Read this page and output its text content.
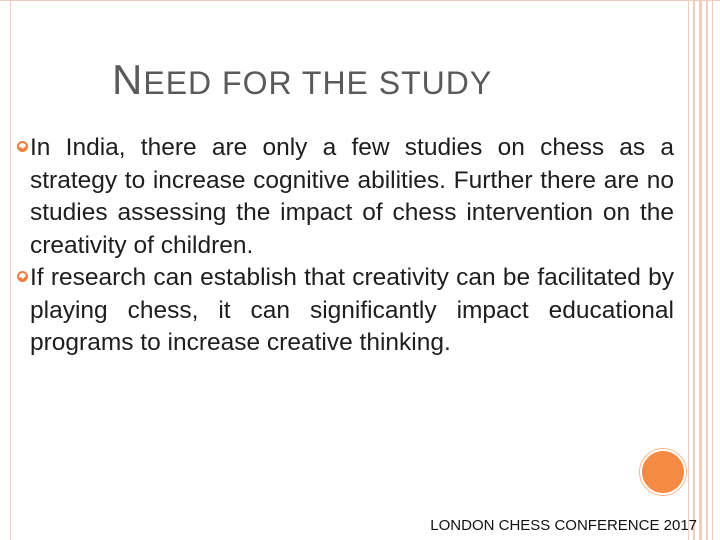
NEED FOR THE STUDY
In India, there are only a few studies on chess as a strategy to increase cognitive abilities. Further there are no studies assessing the impact of chess intervention on the creativity of children.
If research can establish that creativity can be facilitated by playing chess, it can significantly impact educational programs to increase creative thinking.

LONDON CHESS CONFERENCE 2017
